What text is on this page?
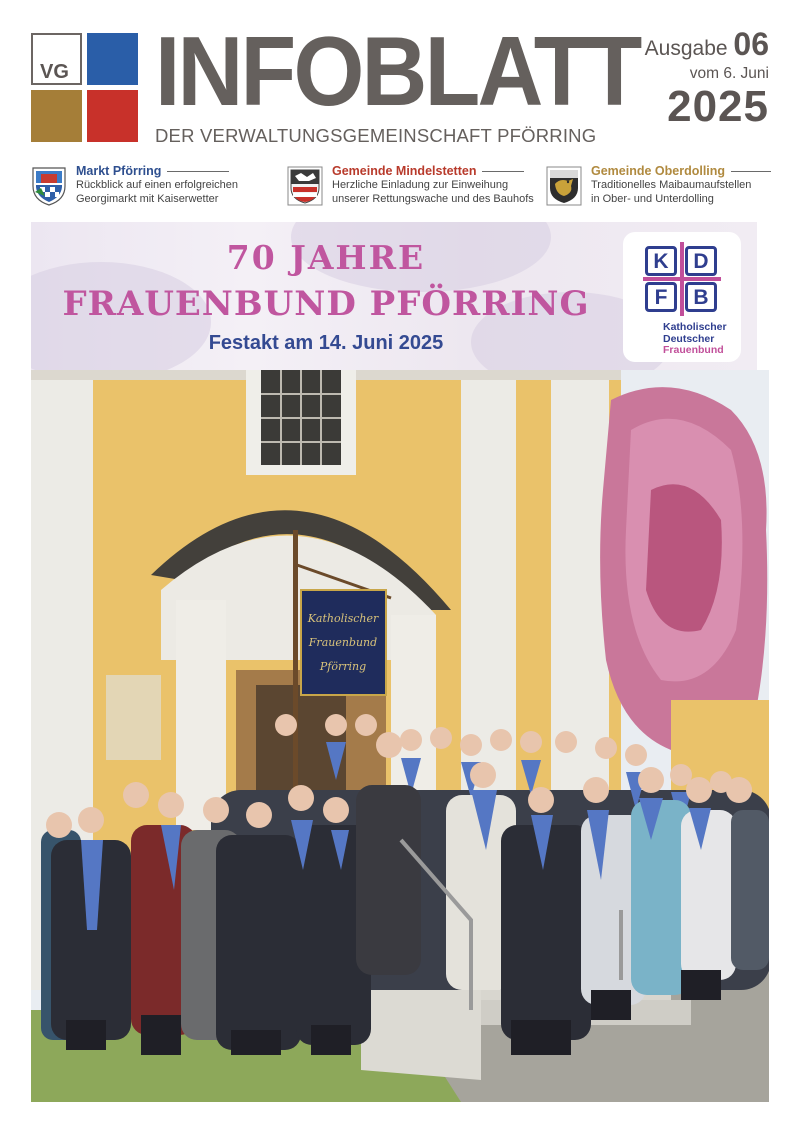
VG INFOBLATT
DER VERWALTUNGSGEMEINSCHAFT PFÖRRING
Ausgabe 06
vom 6. Juni
2025
Markt Pförring
Rückblick auf einen erfolgreichen
Georgimarkt mit Kaiserwetter
Gemeinde Mindelstetten
Herzliche Einladung zur Einweihung
unserer Rettungswache und des Bauhofs
Gemeinde Oberdolling
Traditionelles Maibaumaufstellen
in Ober- und Unterdolling
70 JAHRE
FRAUENBUND PFÖRRING
Festakt am 14. Juni 2025
K	D
F	B
Katholischer
Deutscher
Frauenbund
Katholischer
Frauenbund
Pförring
